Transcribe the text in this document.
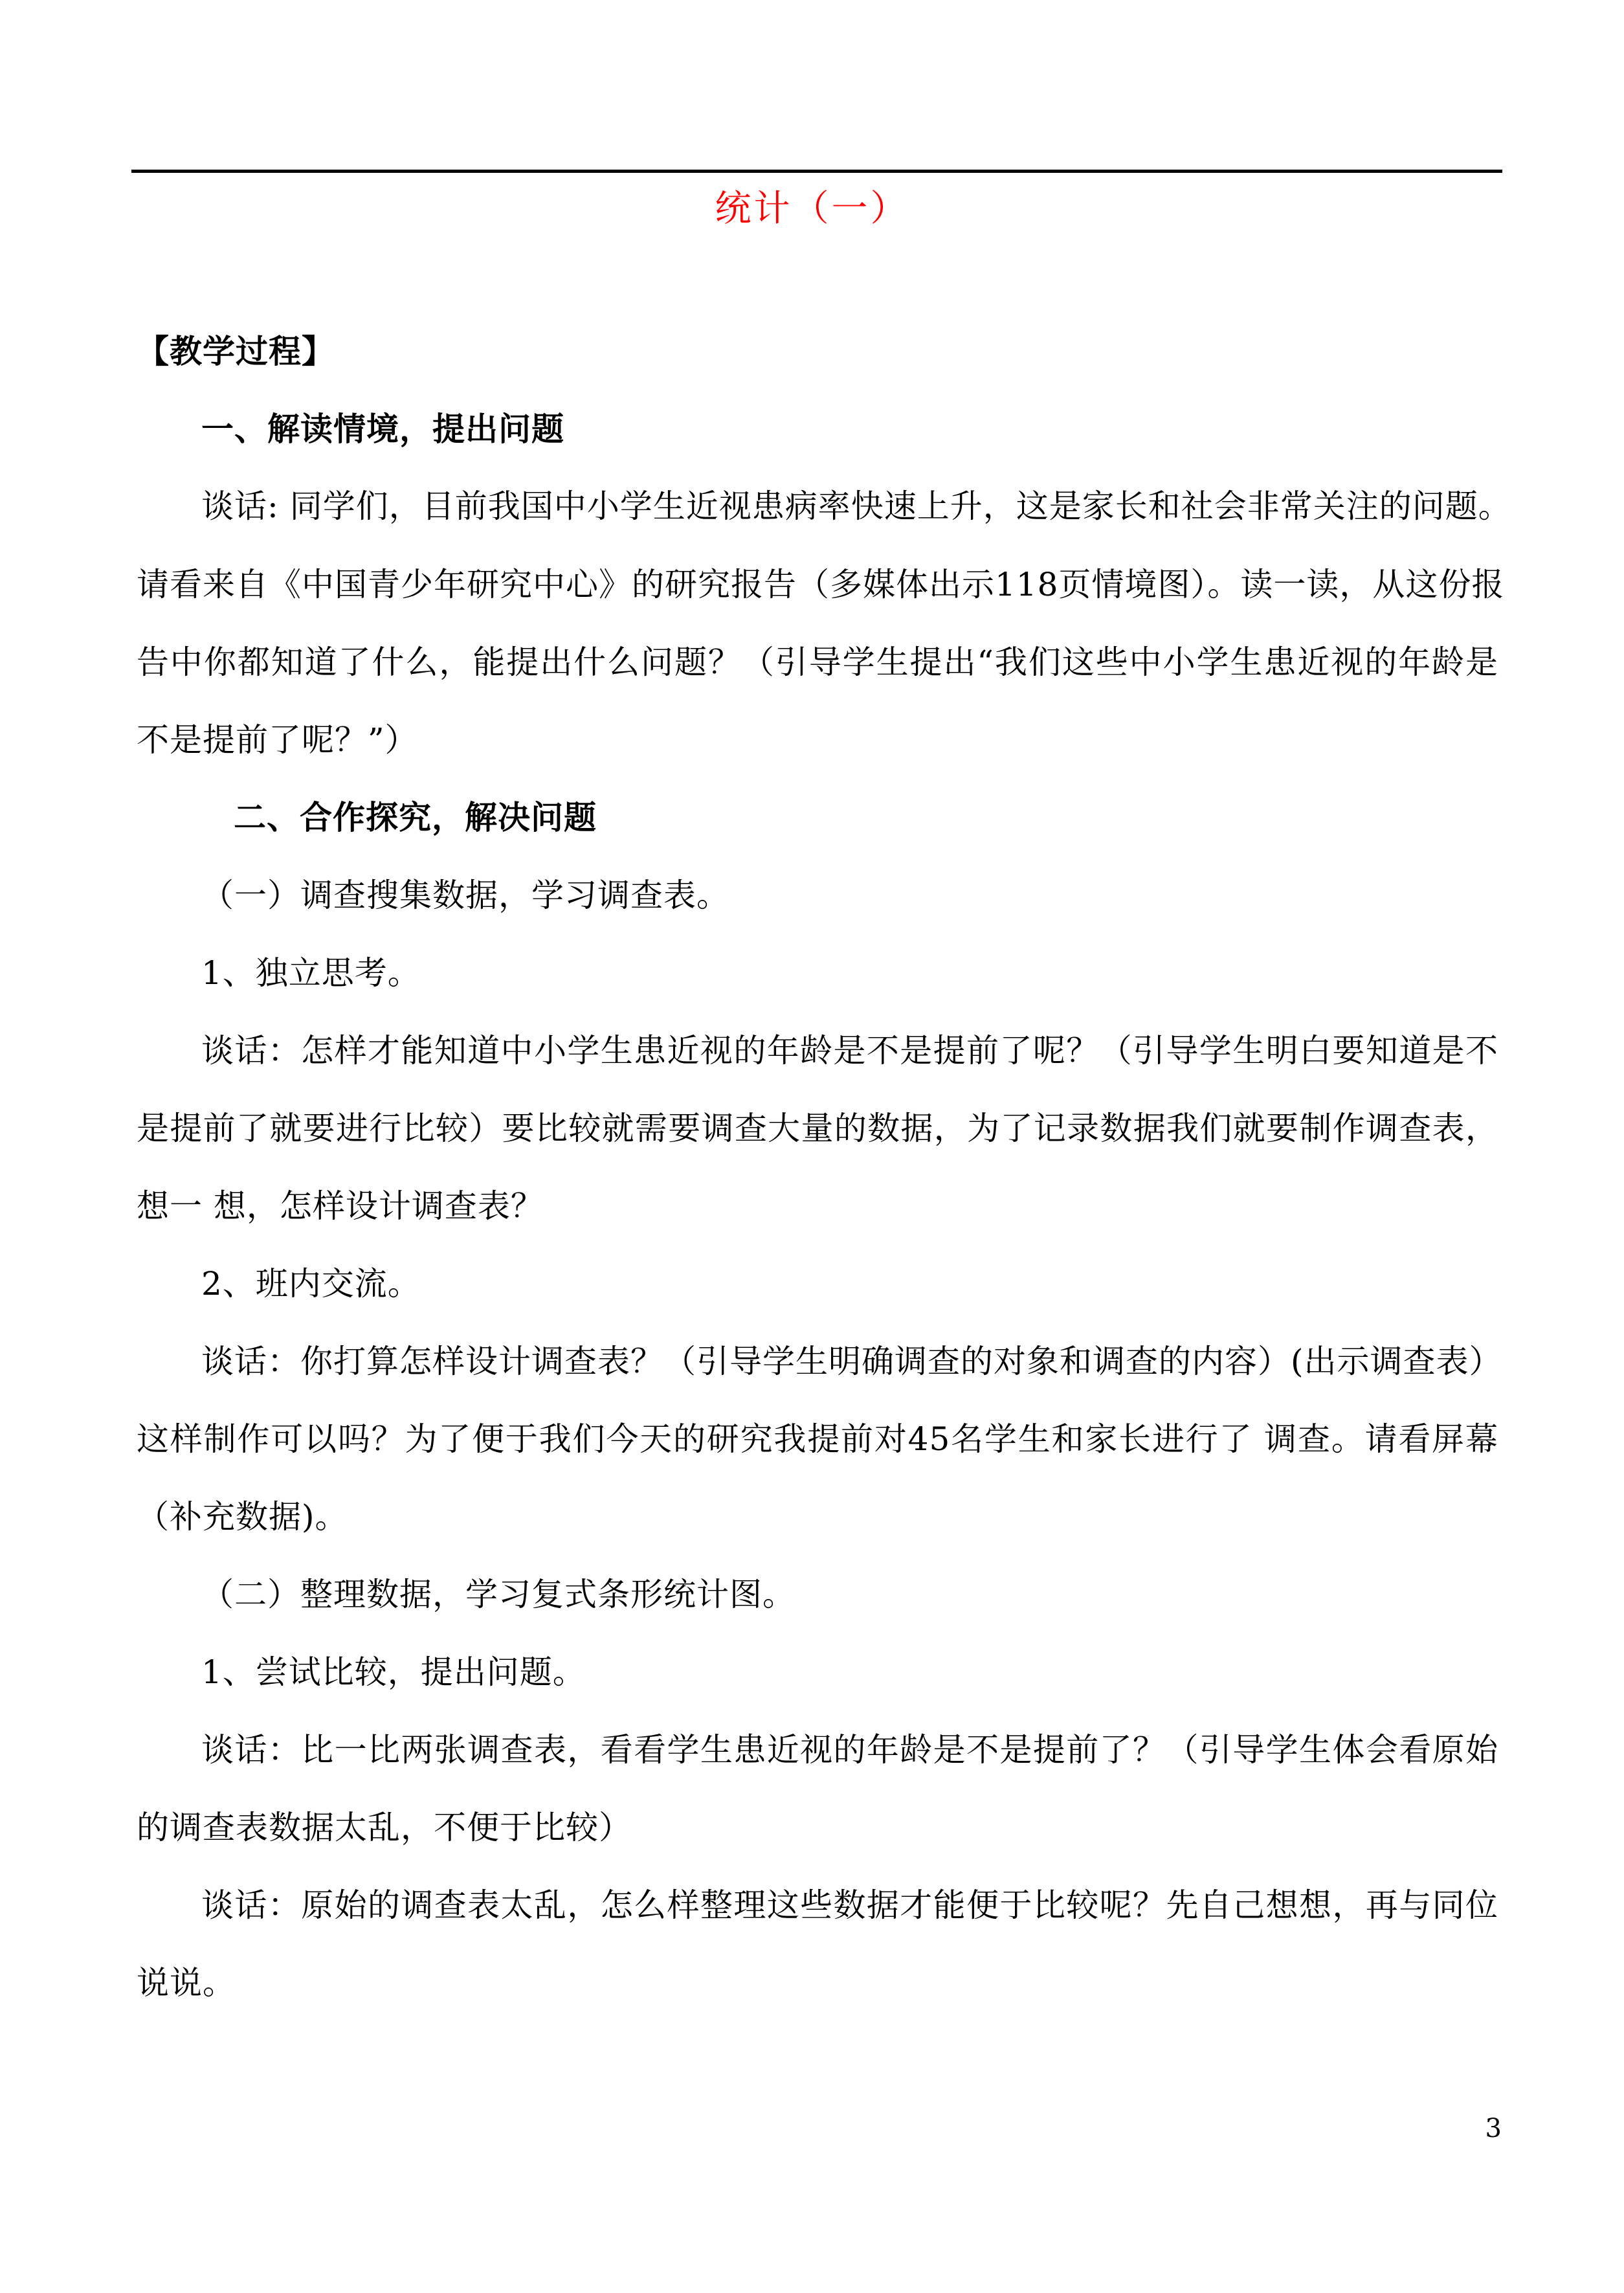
统计（一）
【教学过程】
一、解读情境，提出问题
谈话: 同学们，目前我国中小学生近视患病率快速上升，这是家长和社会非常关注的问题。
请看来自《中国青少年研究中心》的研究报告（多媒体出示118页情境图）。读一读，从这份报
告中你都知道了什么，能提出什么问题？（引导学生提出“我们这些中小学生患近视的年龄是
不是提前了呢？”）
二、合作探究，解决问题
（一）调查搜集数据，学习调查表。
1、独立思考。
谈话：怎样才能知道中小学生患近视的年龄是不是提前了呢？（引导学生明白要知道是不
是提前了就要进行比较）要比较就需要调查大量的数据，为了记录数据我们就要制作调查表，
想一 想，怎样设计调查表？
2、班内交流。
谈话：你打算怎样设计调查表？（引导学生明确调查的对象和调查的内容）(出示调查表）
这样制作可以吗？为了便于我们今天的研究我提前对45名学生和家长进行了 调查。请看屏幕
（补充数据)。
（二）整理数据，学习复式条形统计图。
1、尝试比较，提出问题。
谈话：比一比两张调查表，看看学生患近视的年龄是不是提前了？（引导学生体会看原始
的调查表数据太乱，不便于比较）
谈话：原始的调查表太乱，怎么样整理这些数据才能便于比较呢？先自己想想，再与同位
说说。
3
